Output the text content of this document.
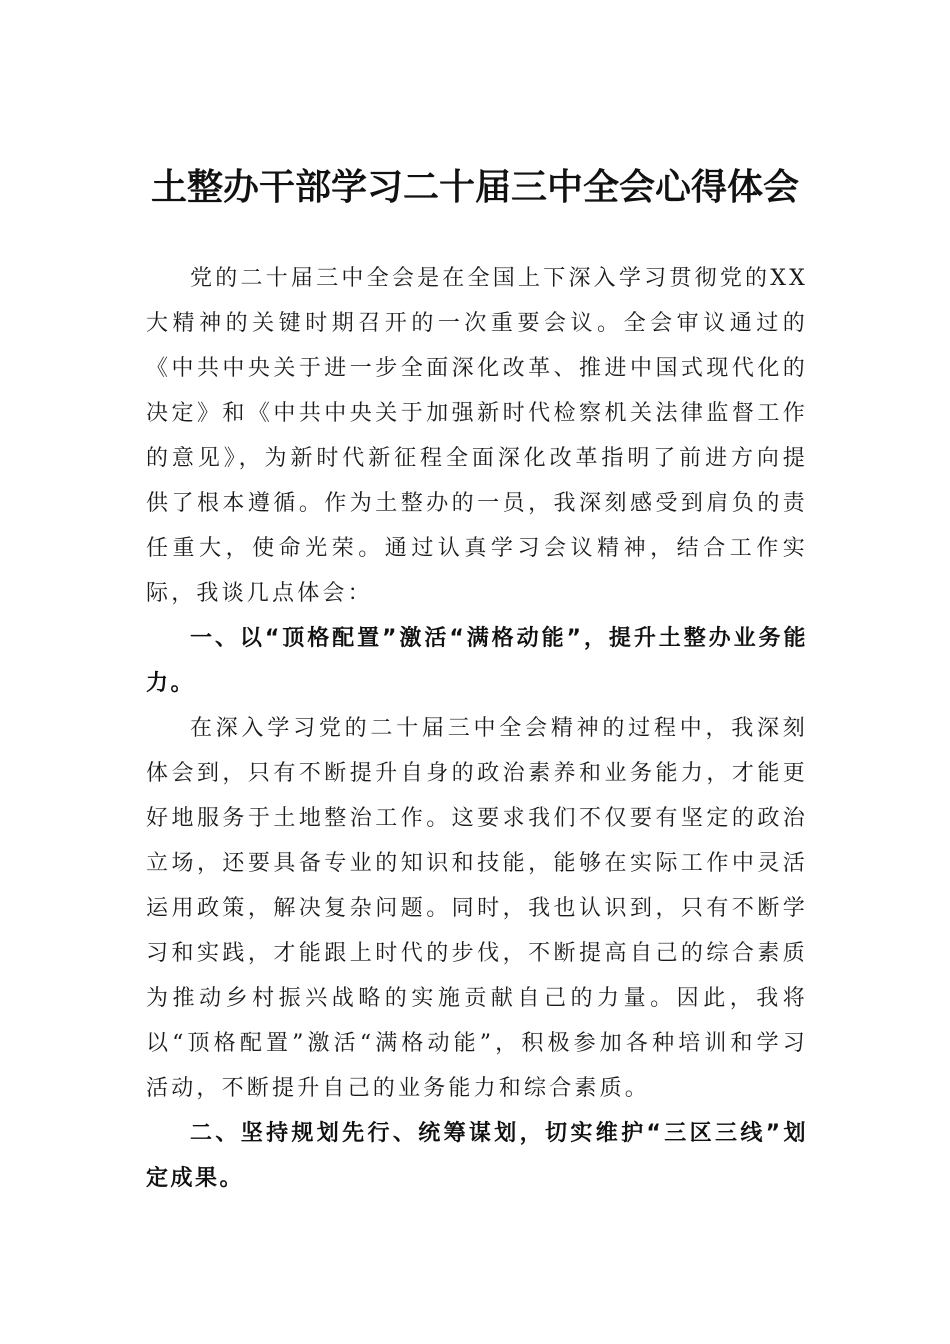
土整办干部学习二十届三中全会心得体会

党的二十届三中全会是在全国上下深入学习贯彻党的XX大精神的关键时期召开的一次重要会议。全会审议通过的《中共中央关于进一步全面深化改革、推进中国式现代化的决定》和《中共中央关于加强新时代检察机关法律监督工作的意见》，为新时代新征程全面深化改革指明了前进方向提供了根本遵循。作为土整办的一员，我深刻感受到肩负的责任重大，使命光荣。通过认真学习会议精神，结合工作实际，我谈几点体会：

一、以“顶格配置”激活“满格动能”，提升土整办业务能力。

在深入学习党的二十届三中全会精神的过程中，我深刻体会到，只有不断提升自身的政治素养和业务能力，才能更好地服务于土地整治工作。这要求我们不仅要有坚定的政治立场，还要具备专业的知识和技能，能够在实际工作中灵活运用政策，解决复杂问题。同时，我也认识到，只有不断学习和实践，才能跟上时代的步伐，不断提高自己的综合素质为推动乡村振兴战略的实施贡献自己的力量。因此，我将以“顶格配置”激活“满格动能”，积极参加各种培训和学习活动，不断提升自己的业务能力和综合素质。

二、坚持规划先行、统筹谋划，切实维护“三区三线”划定成果。
